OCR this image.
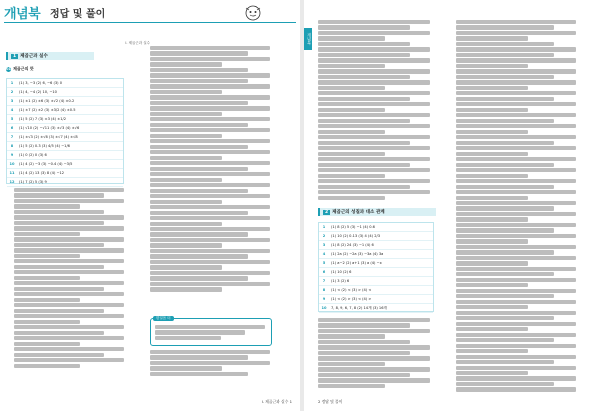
개념북 정답 및 풀이
Ⅰ. 제곱근과 실수
1 제곱근과 실수
01 제곱근의 뜻
1	(1) 3, −3 (2) 6, −6 (3) 0
2	(1) 4, −4 (2) 10, −10
3	(1) ±1 (2) ±6 (3) ±√2 (4) ±0.2
4	(1) ±7 (2) ±2 (3) ±3/2 (4) ±0.5
5	(1) 5 (2) 7 (3) ±3 (4) ±1/2
6	(1) √10 (2) −√11 (3) ±√3 (4) ±√6
7	(1) ±√3 (2) ±√6 (3) ±√7 (4) ±√8
8	(1) 5 (2) 0.3 (3) 4/5 (4) −1/6
9	(1) 0 (2) 0 (3) 6
10	(1) 4 (2) −3 (3) −0.4 (4) −3/5
11	(1) 4 (2) 13 (3) 8 (4) −12
12	(1) 7 (2) 5 (3) 9
한걸음 더
Ⅰ. 제곱근과 실수 1
개념북
2 제곱근의 성질과 대소 관계
1	(1) 8 (2) 5 (3) −1 (4) 0.6
2	(1) 10 (2) 0.13 (3) 4 (4) 2/3
3	(1) 8 (2) 24 (3) −1 (4) 6
4	(1) 2a (2) −2a (3) −3a (4) 3a
5	(1) a−2 (2) a+1 (3) a (4) −x
6	(1) 10 (2) 6
7	(1) 3 (2) 6
8	(1) < (2) < (3) > (4) <
9	(1) < (2) > (3) < (4) >
10	7, 8, 9, 6, 7, 8 (2) 14개 (3) 16개
2 정답 및 풀이
